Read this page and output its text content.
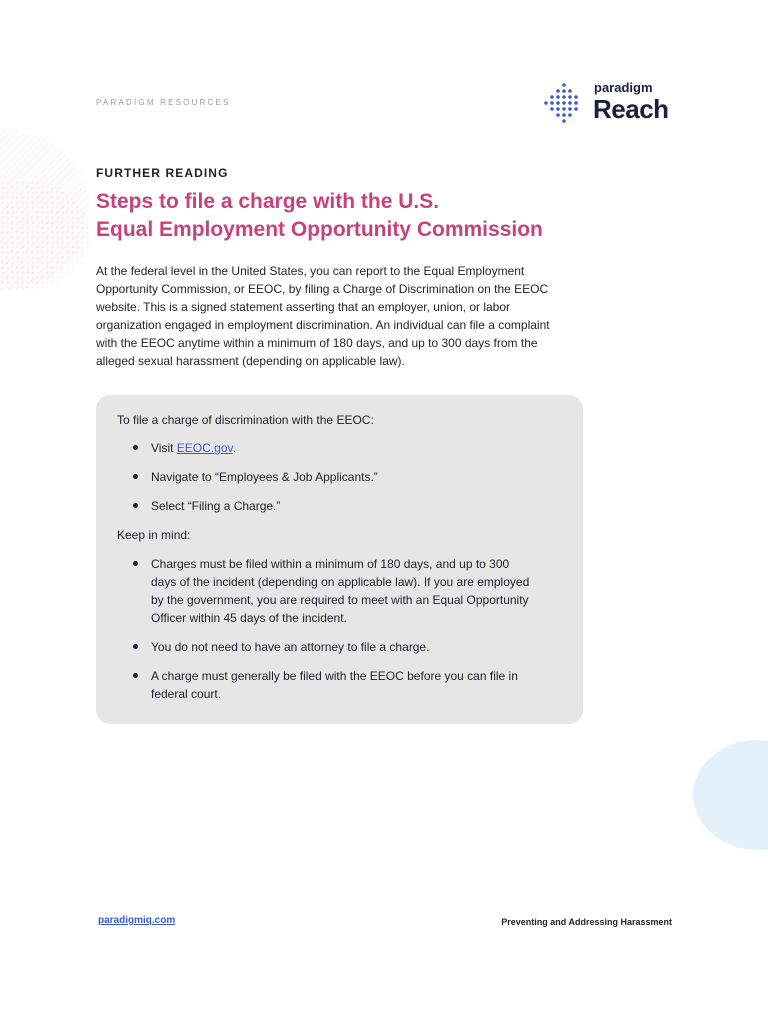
PARADIGM RESOURCES
paradigm
Reach
FURTHER READING
Steps to file a charge with the U.S.
Equal Employment Opportunity Commission

At the federal level in the United States, you can report to the Equal Employment Opportunity Commission, or EEOC, by filing a Charge of Discrimination on the EEOC website. This is a signed statement asserting that an employer, union, or labor organization engaged in employment discrimination. An individual can file a complaint with the EEOC anytime within a minimum of 180 days, and up to 300 days from the alleged sexual harassment (depending on applicable law).

To file a charge of discrimination with the EEOC:
Visit EEOC.gov.
Navigate to “Employees & Job Applicants.”
Select “Filing a Charge.”
Keep in mind:
Charges must be filed within a minimum of 180 days, and up to 300 days of the incident (depending on applicable law). If you are employed by the government, you are required to meet with an Equal Opportunity Officer within 45 days of the incident.
You do not need to have an attorney to file a charge.
A charge must generally be filed with the EEOC before you can file in federal court.
paradigmiq.com	Preventing and Addressing Harassment
